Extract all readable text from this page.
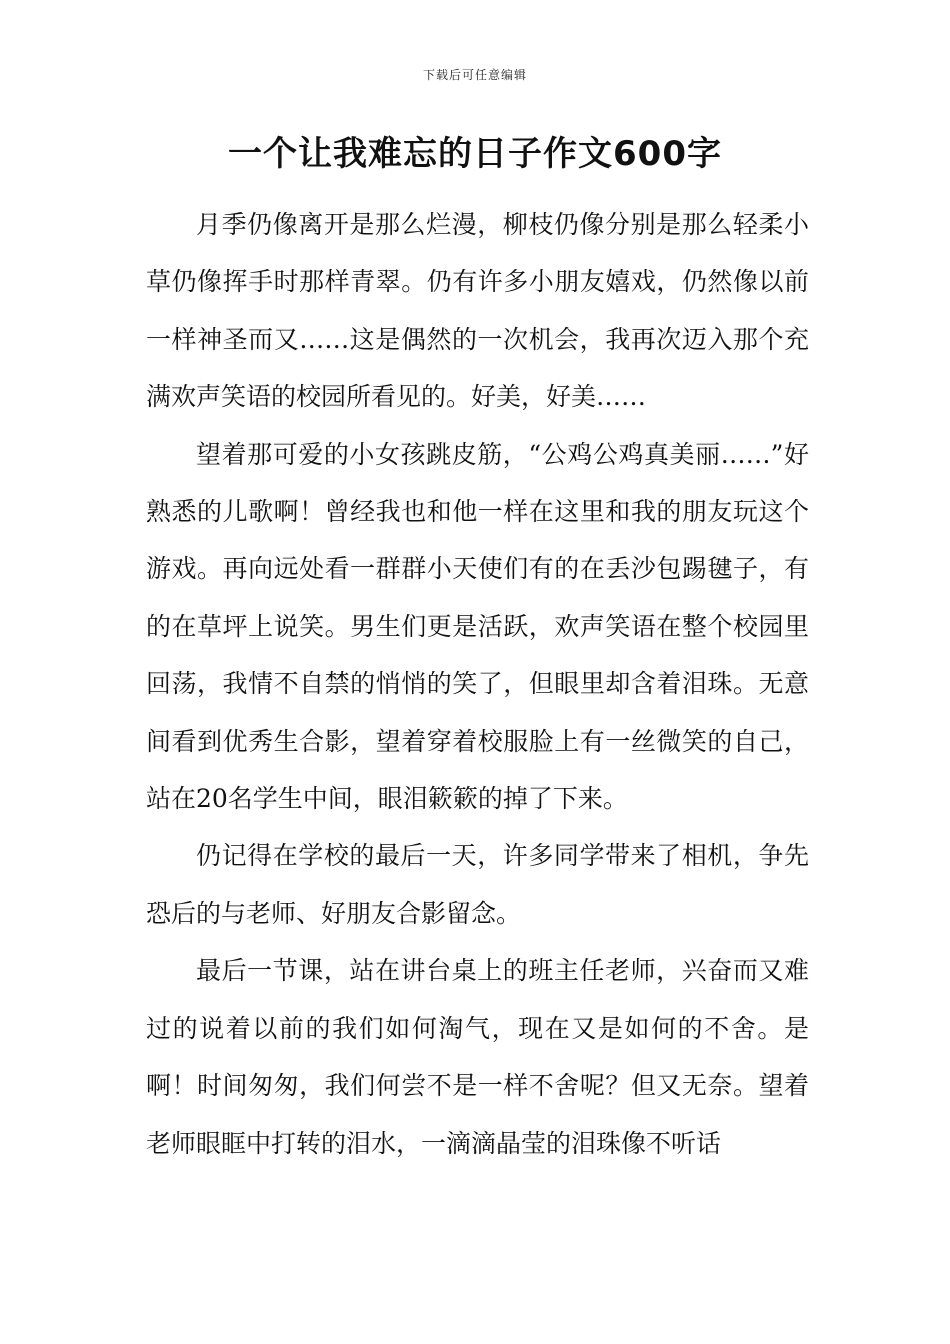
下载后可任意编辑
一个让我难忘的日子作文600字

月季仍像离开是那么烂漫，柳枝仍像分别是那么轻柔小草仍像挥手时那样青翠。仍有许多小朋友嬉戏，仍然像以前一样神圣而又……这是偶然的一次机会，我再次迈入那个充满欢声笑语的校园所看见的。好美，好美……

望着那可爱的小女孩跳皮筋，“公鸡公鸡真美丽……”好熟悉的儿歌啊！曾经我也和他一样在这里和我的朋友玩这个游戏。再向远处看一群群小天使们有的在丢沙包踢毽子，有的在草坪上说笑。男生们更是活跃，欢声笑语在整个校园里回荡，我情不自禁的悄悄的笑了，但眼里却含着泪珠。无意间看到优秀生合影，望着穿着校服脸上有一丝微笑的自己，站在20名学生中间，眼泪簌簌的掉了下来。

仍记得在学校的最后一天，许多同学带来了相机，争先恐后的与老师、好朋友合影留念。

最后一节课，站在讲台桌上的班主任老师，兴奋而又难过的说着以前的我们如何淘气，现在又是如何的不舍。是啊！时间匆匆，我们何尝不是一样不舍呢？但又无奈。望着老师眼眶中打转的泪水，一滴滴晶莹的泪珠像不听话
